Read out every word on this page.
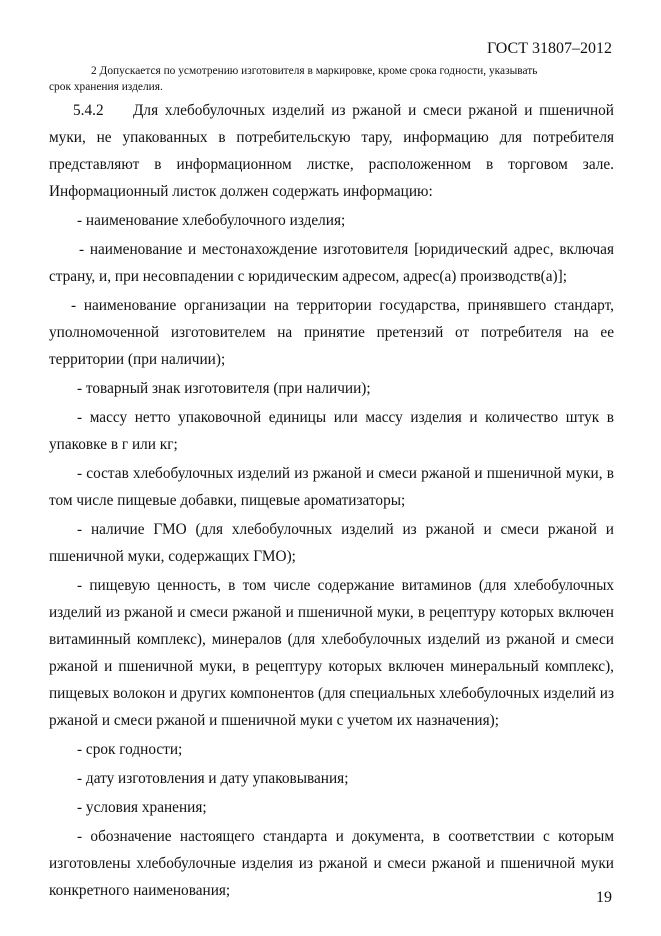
ГОСТ 31807–2012

2 Допускается по усмотрению изготовителя в маркировке, кроме срока годности, указывать

срок хранения изделия.

5.4.2 Для хлебобулочных изделий из ржаной и смеси ржаной и пшеничной муки, не упакованных в потребительскую тару, информацию для потребителя представляют в информационном листке, расположенном в торговом зале. Информационный листок должен содержать информацию:

- наименование хлебобулочного изделия;

- наименование и местонахождение изготовителя [юридический адрес, включая страну, и, при несовпадении с юридическим адресом, адрес(а) производств(а)];

- наименование организации на территории государства, принявшего стандарт, уполномоченной изготовителем на принятие претензий от потребителя на ее территории (при наличии);

- товарный знак изготовителя (при наличии);

- массу нетто упаковочной единицы или массу изделия и количество штук в упаковке в г или кг;

- состав хлебобулочных изделий из ржаной и смеси ржаной и пшеничной муки, в том числе пищевые добавки, пищевые ароматизаторы;

- наличие ГМО (для хлебобулочных изделий из ржаной и смеси ржаной и пшеничной муки, содержащих ГМО);

- пищевую ценность, в том числе содержание витаминов (для хлебобулочных изделий из ржаной и смеси ржаной и пшеничной муки, в рецептуру которых включен витаминный комплекс), минералов (для хлебобулочных изделий из ржаной и смеси ржаной и пшеничной муки, в рецептуру которых включен минеральный комплекс), пищевых волокон и других компонентов (для специальных хлебобулочных изделий из ржаной и смеси ржаной и пшеничной муки с учетом их назначения);

- срок годности;

- дату изготовления и дату упаковывания;

- условия хранения;

- обозначение настоящего стандарта и документа, в соответствии с которым изготовлены хлебобулочные изделия из ржаной и смеси ржаной и пшеничной муки конкретного наименования;	19
